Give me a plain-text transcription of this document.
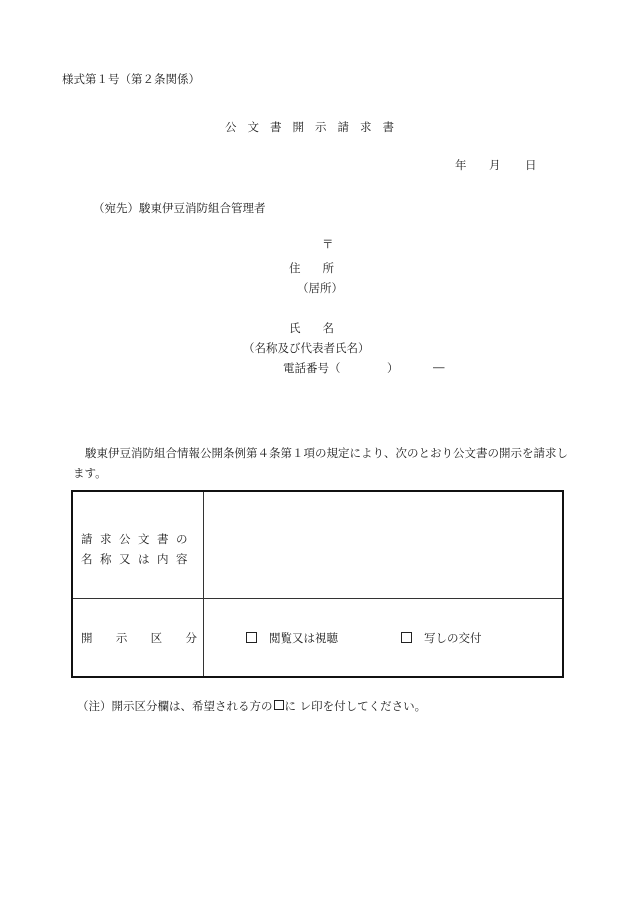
様式第１号（第２条関係）
公文書開示請求書
年 月 日
（宛先）駿東伊豆消防組合管理者
〒
住 所
（居所）
氏 名
（名称及び代表者氏名）
電話番号（	）	―
駿東伊豆消防組合情報公開条例第４条第１項の規定により、次のとおり公文書の開示を請求します。
請求公文書の
名称又は内容
開 示 区 分	閲覧又は視聴	写しの交付
（注）開示区分欄は、希望される方の に レ印を付してください。
